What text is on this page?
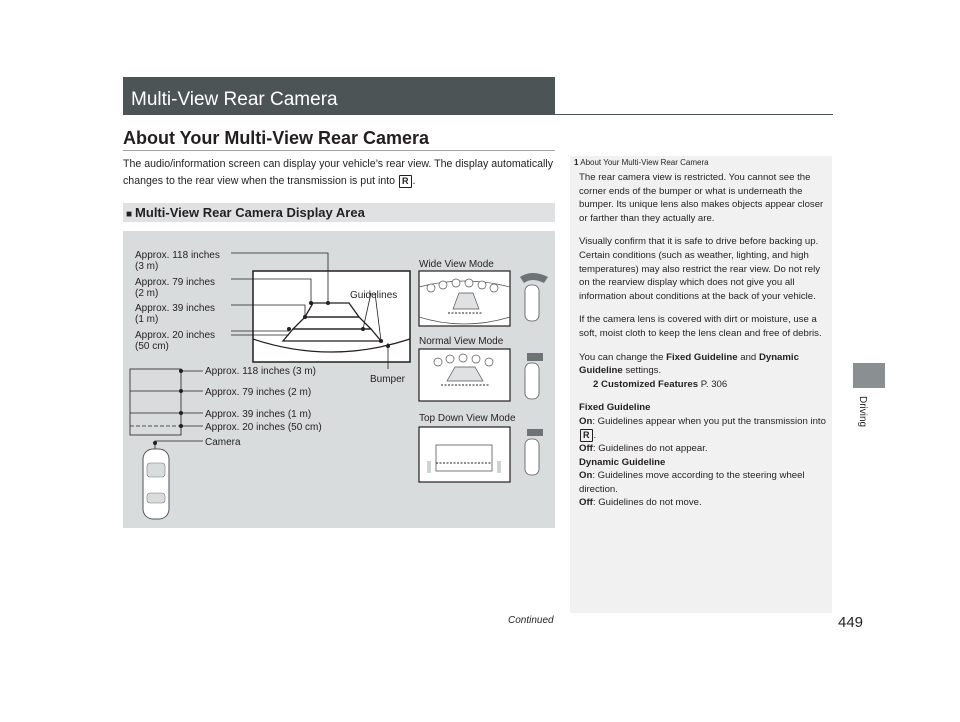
Multi-View Rear Camera
About Your Multi-View Rear Camera
The audio/information screen can display your vehicle’s rear view. The display automatically changes to the rear view when the transmission is put into R .
■ Multi-View Rear Camera Display Area
Approx. 118 inches
(3 m)
Approx. 79 inches
(2 m)
Approx. 39 inches
(1 m)
Approx. 20 inches
(50 cm)
Guidelines
Bumper
Approx. 118 inches (3 m)
Approx. 79 inches (2 m)
Approx. 39 inches (1 m)
Approx. 20 inches (50 cm)
Camera
Wide View Mode
Normal View Mode
Top Down View Mode
1 About Your Multi-View Rear Camera

The rear camera view is restricted. You cannot see the corner ends of the bumper or what is underneath the bumper. Its unique lens also makes objects appear closer or farther than they actually are.

Visually confirm that it is safe to drive before backing up. Certain conditions (such as weather, lighting, and high temperatures) may also restrict the rear view. Do not rely on the rearview display which does not give you all information about conditions at the back of your vehicle.

If the camera lens is covered with dirt or moisture, use a soft, moist cloth to keep the lens clean and free of debris.

You can change the Fixed Guideline and Dynamic Guideline settings.
2 Customized Features P. 306

Fixed Guideline
On: Guidelines appear when you put the transmission into R .
Off: Guidelines do not appear.
Dynamic Guideline
On: Guidelines move according to the steering wheel direction.
Off: Guidelines do not move.
Driving
Continued	449
